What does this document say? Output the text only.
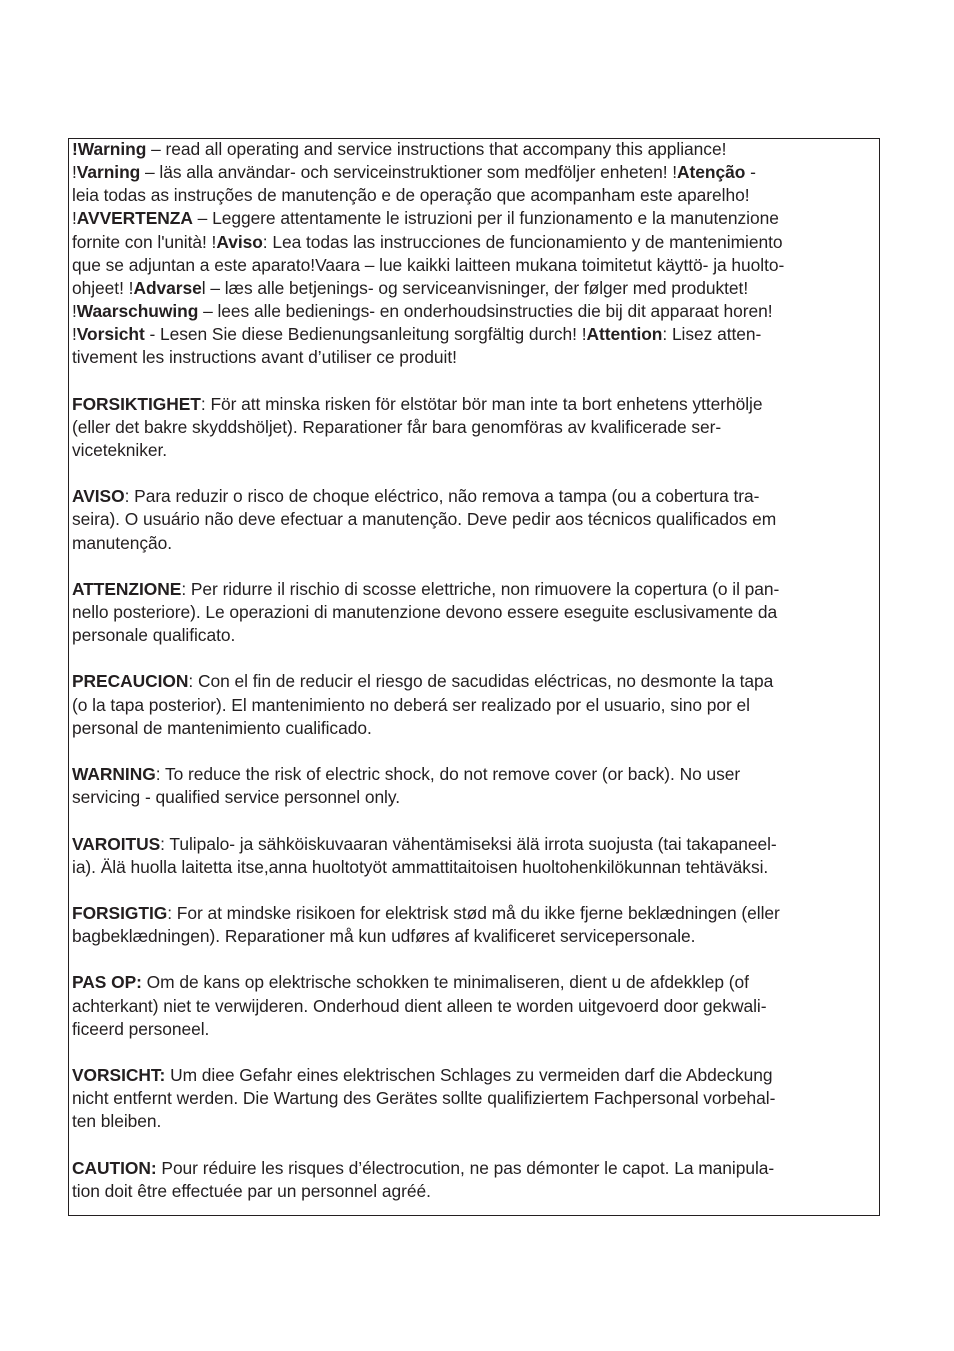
!Warning – read all operating and service instructions that accompany this appliance!
!Varning – läs alla användar- och serviceinstruktioner som medföljer enheten! !Atenção -
leia todas as instruções de manutenção e de operação que acompanham este aparelho!
!AVVERTENZA – Leggere attentamente le istruzioni per il funzionamento e la manutenzione
fornite con l'unità! !Aviso: Lea todas las instrucciones de funcionamiento y de mantenimiento
que se adjuntan a este aparato!Vaara – lue kaikki laitteen mukana toimitetut käyttö- ja huolto-
ohjeet! !Advarsel – læs alle betjenings- og serviceanvisninger, der følger med produktet!
!Waarschuwing – lees alle bedienings- en onderhoudsinstructies die bij dit apparaat horen!
!Vorsicht - Lesen Sie diese Bedienungsanleitung sorgfältig durch! !Attention: Lisez atten-
tivement les instructions avant d’utiliser ce produit!
FORSIKTIGHET: För att minska risken för elstötar bör man inte ta bort enhetens ytterhölje
(eller det bakre skyddshöljet). Reparationer får bara genomföras av kvalificerade ser-
vicetekniker.
AVISO: Para reduzir o risco de choque eléctrico, não remova a tampa (ou a cobertura tra-
seira). O usuário não deve efectuar a manutenção. Deve pedir aos técnicos qualificados em
manutenção.
ATTENZIONE: Per ridurre il rischio di scosse elettriche, non rimuovere la copertura (o il pan-
nello posteriore). Le operazioni di manutenzione devono essere eseguite esclusivamente da
personale qualificato.
PRECAUCION: Con el fin de reducir el riesgo de sacudidas eléctricas, no desmonte la tapa
(o la tapa posterior). El mantenimiento no deberá ser realizado por el usuario, sino por el
personal de mantenimiento cualificado.
WARNING: To reduce the risk of electric shock, do not remove cover (or back). No user
servicing - qualified service personnel only.
VAROITUS: Tulipalo- ja sähköiskuvaaran vähentämiseksi älä irrota suojusta (tai takapaneel-
ia). Älä huolla laitetta itse,anna huoltotyöt ammattitaitoisen huoltohenkilökunnan tehtäväksi.
FORSIGTIG: For at mindske risikoen for elektrisk stød må du ikke fjerne beklædningen (eller
bagbeklædningen). Reparationer må kun udføres af kvalificeret servicepersonale.
PAS OP: Om de kans op elektrische schokken te minimaliseren, dient u de afdekklep (of
achterkant) niet te verwijderen. Onderhoud dient alleen te worden uitgevoerd door gekwali-
ficeerd personeel.
VORSICHT: Um diee Gefahr eines elektrischen Schlages zu vermeiden darf die Abdeckung
nicht entfernt werden. Die Wartung des Gerätes sollte qualifiziertem Fachpersonal vorbehal-
ten bleiben.
CAUTION: Pour réduire les risques d’électrocution, ne pas démonter le capot. La manipula-
tion doit être effectuée par un personnel agréé.
